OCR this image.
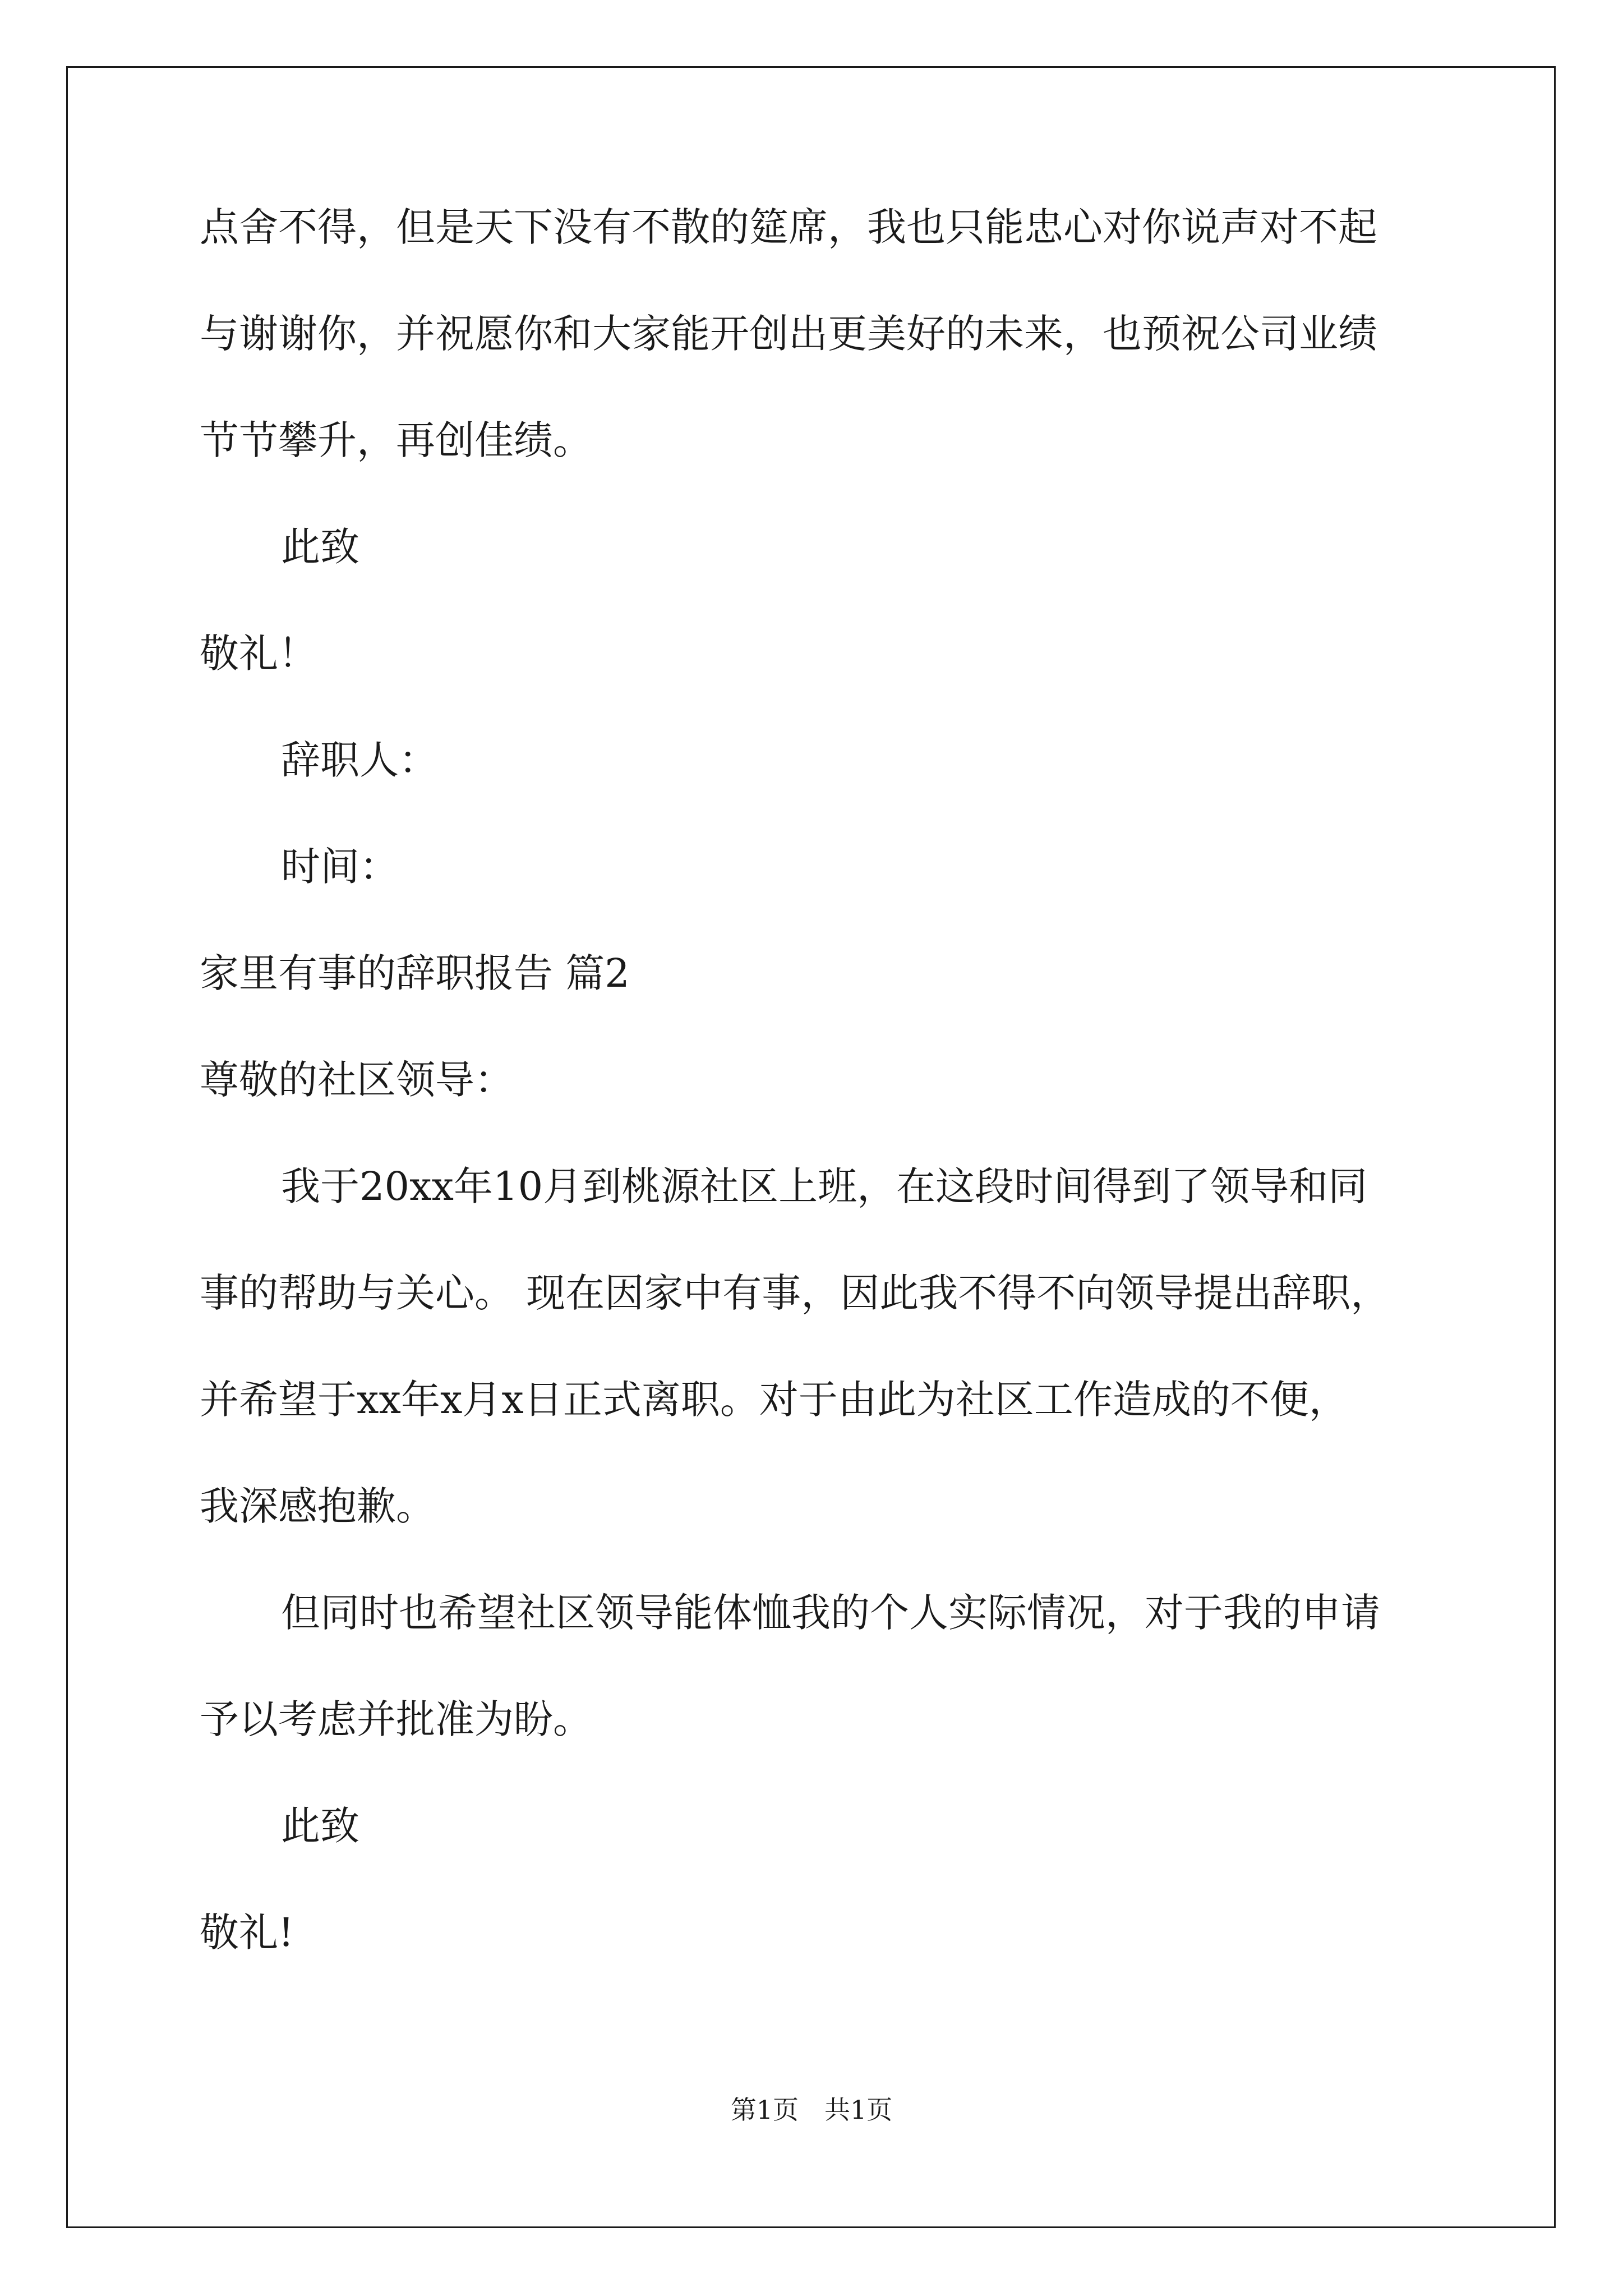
点舍不得，但是天下没有不散的筵席，我也只能忠心对你说声对不起
与谢谢你，并祝愿你和大家能开创出更美好的未来，也预祝公司业绩
节节攀升，再创佳绩。
此致
敬礼！
辞职人：
时间：
家里有事的辞职报告 篇2
尊敬的社区领导：
我于20xx年10月到桃源社区上班，在这段时间得到了领导和同
事的帮助与关心。 现在因家中有事，因此我不得不向领导提出辞职，
并希望于xx年x月x日正式离职。对于由此为社区工作造成的不便，
我深感抱歉。
但同时也希望社区领导能体恤我的个人实际情况，对于我的申请
予以考虑并批准为盼。
此致
敬礼!
第1页　共1页
